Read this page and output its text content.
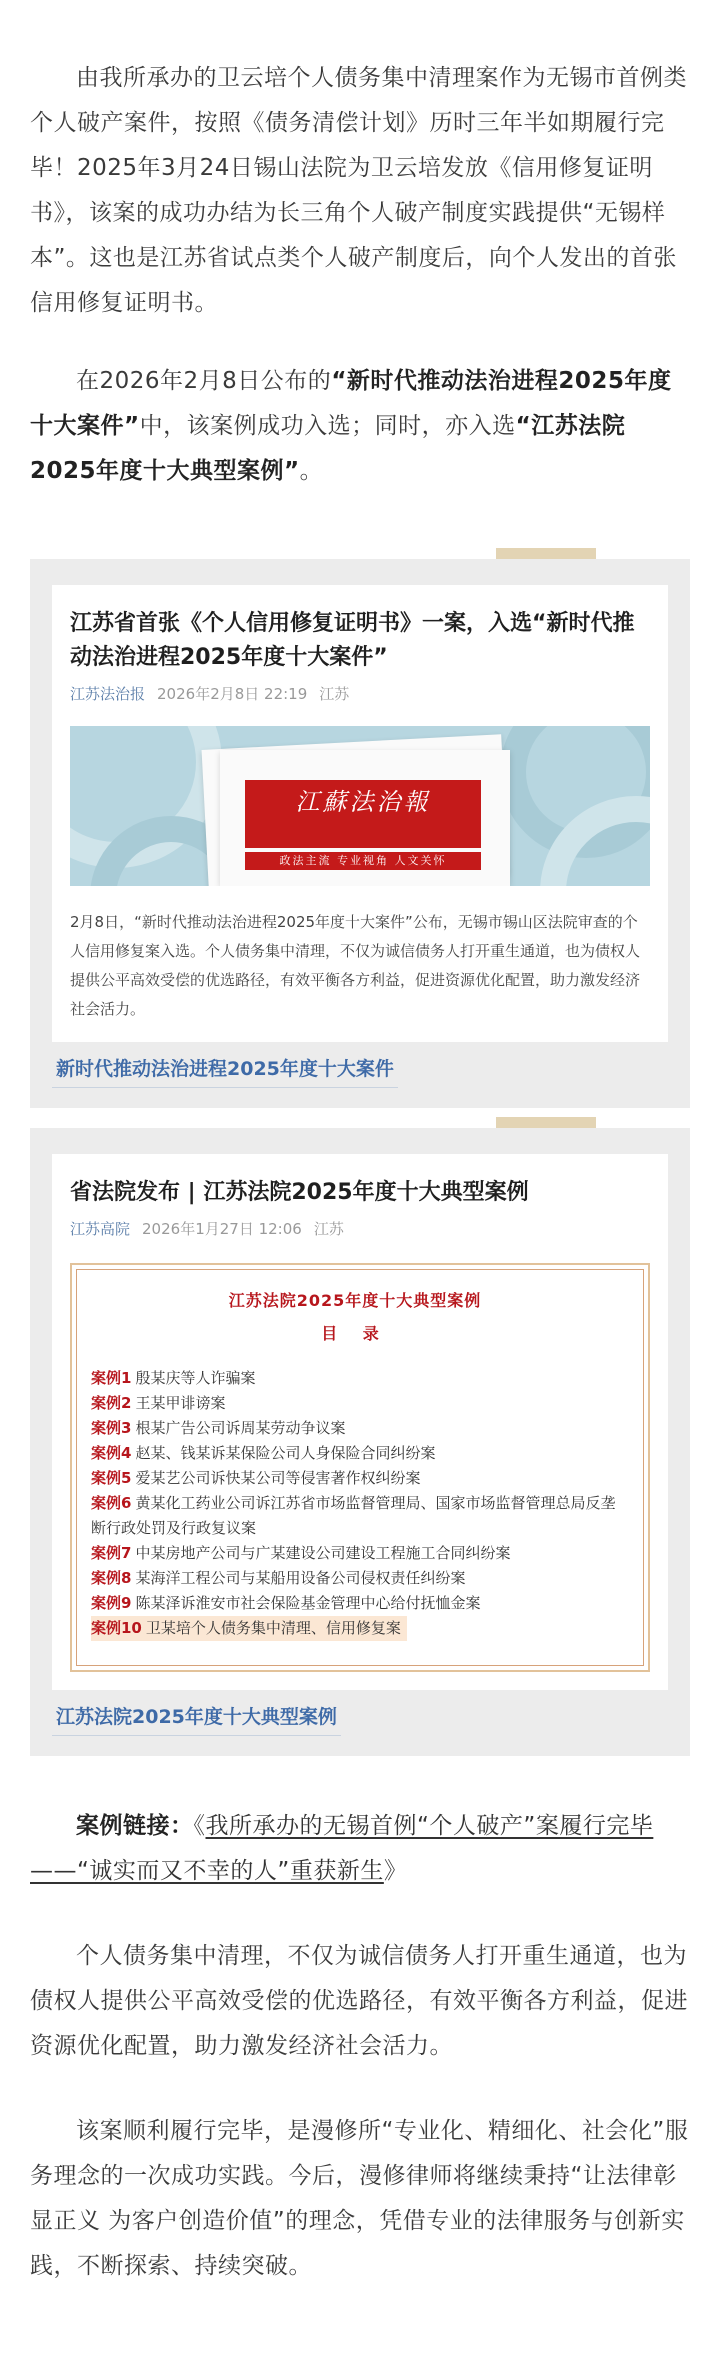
由我所承办的卫云培个人债务集中清理案作为无锡市首例类个人破产案件，按照《债务清偿计划》历时三年半如期履行完毕！2025年3月24日锡山法院为卫云培发放《信用修复证明书》，该案的成功办结为长三角个人破产制度实践提供“无锡样本”。这也是江苏省试点类个人破产制度后，向个人发出的首张信用修复证明书。

在2026年2月8日公布的“新时代推动法治进程2025年度十大案件”中，该案例成功入选；同时，亦入选“江苏法院2025年度十大典型案例”。

江苏省首张《个人信用修复证明书》一案，入选“新时代推动法治进程2025年度十大案件”
江苏法治报 2026年2月8日 22:19 江苏
江蘇法治報
政法主流 专业视角 人文关怀

2月8日，“新时代推动法治进程2025年度十大案件”公布，无锡市锡山区法院审查的个人信用修复案入选。个人债务集中清理，不仅为诚信债务人打开重生通道，也为债权人提供公平高效受偿的优选路径，有效平衡各方利益，促进资源优化配置，助力激发经济社会活力。

新时代推动法治进程2025年度十大案件
省法院发布 | 江苏法院2025年度十大典型案例
江苏高院 2026年1月27日 12:06 江苏
江苏法院2025年度十大典型案例
目 录
案例1 殷某庆等人诈骗案
案例2 王某甲诽谤案
案例3 根某广告公司诉周某劳动争议案
案例4 赵某、钱某诉某保险公司人身保险合同纠纷案
案例5 爱某艺公司诉快某公司等侵害著作权纠纷案
案例6 黄某化工药业公司诉江苏省市场监督管理局、国家市场监督管理总局反垄断行政处罚及行政复议案
案例7 中某房地产公司与广某建设公司建设工程施工合同纠纷案
案例8 某海洋工程公司与某船用设备公司侵权责任纠纷案
案例9 陈某泽诉淮安市社会保险基金管理中心给付抚恤金案
案例10 卫某培个人债务集中清理、信用修复案
江苏法院2025年度十大典型案例

案例链接：《我所承办的无锡首例“个人破产”案履行完毕——“诚实而又不幸的人”重获新生》

个人债务集中清理，不仅为诚信债务人打开重生通道，也为债权人提供公平高效受偿的优选路径，有效平衡各方利益，促进资源优化配置，助力激发经济社会活力。

该案顺利履行完毕，是漫修所“专业化、精细化、社会化”服务理念的一次成功实践。今后，漫修律师将继续秉持“让法律彰显正义 为客户创造价值”的理念，凭借专业的法律服务与创新实践，不断探索、持续突破。
